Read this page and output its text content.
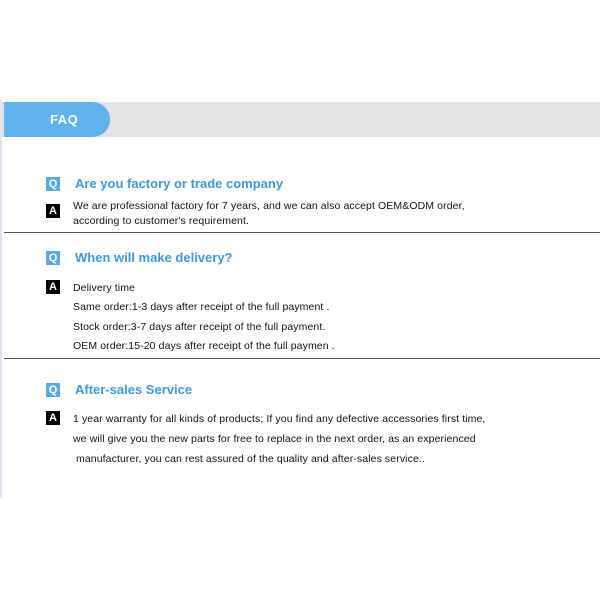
FAQ
Q Are you factory or trade company
A We are professional factory for 7 years, and we can also accept OEM&ODM order,
according to customer's requirement.
Q When will make delivery?
A Delivery time
Same order:1-3 days after receipt of the full payment .
Stock order:3-7 days after receipt of the full payment.
OEM order:15-20 days after receipt of the full paymen .
Q After-sales Service
A 1 year warranty for all kinds of products; If you find any defective accessories first time,
we will give you the new parts for free to replace in the next order, as an experienced
manufacturer, you can rest assured of the quality and after-sales service..
